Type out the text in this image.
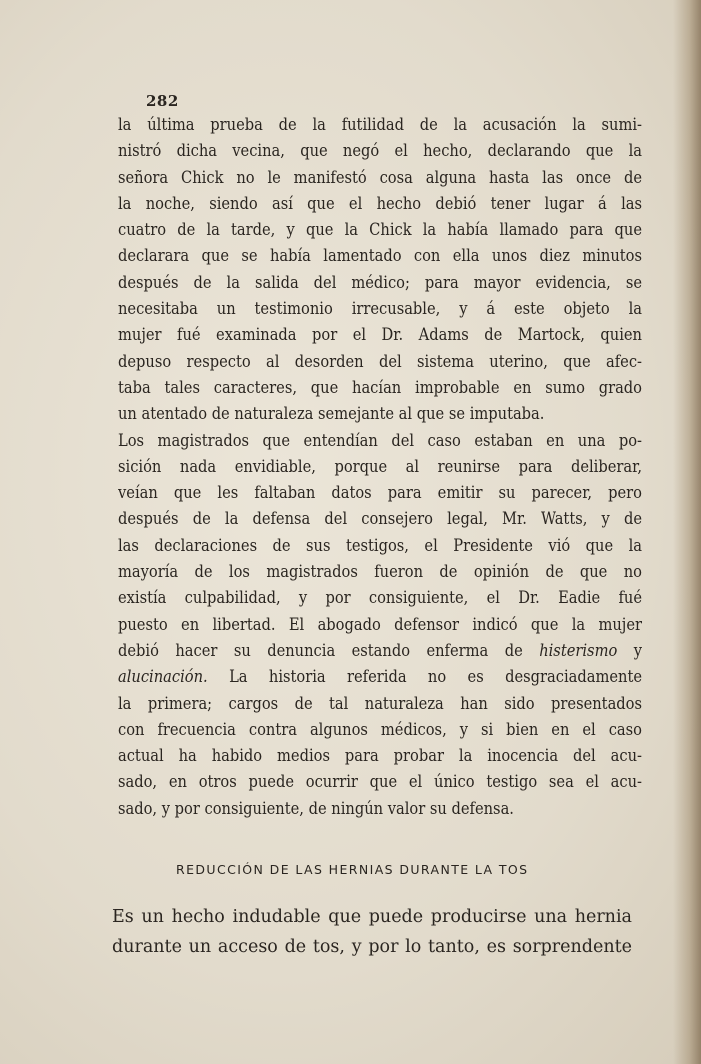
282
la última prueba de la futilidad de la acusación la sumi-
nistró dicha vecina, que negó el hecho, declarando que la
señora Chick no le manifestó cosa alguna hasta las once de
la noche, siendo así que el hecho debió tener lugar á las
cuatro de la tarde, y que la Chick la había llamado para que
declarara que se había lamentado con ella unos diez minutos
después de la salida del médico; para mayor evidencia, se
necesitaba un testimonio irrecusable, y á este objeto la
mujer fué examinada por el Dr. Adams de Martock, quien
depuso respecto al desorden del sistema uterino, que afec-
taba tales caracteres, que hacían improbable en sumo grado
un atentado de naturaleza semejante al que se imputaba.
Los magistrados que entendían del caso estaban en una po-
sición nada envidiable, porque al reunirse para deliberar,
veían que les faltaban datos para emitir su parecer, pero
después de la defensa del consejero legal, Mr. Watts, y de
las declaraciones de sus testigos, el Presidente vió que la
mayoría de los magistrados fueron de opinión de que no
existía culpabilidad, y por consiguiente, el Dr. Eadie fué
puesto en libertad. El abogado defensor indicó que la mujer
debió hacer su denuncia estando enferma de histerismo y
alucinación. La historia referida no es desgraciadamente
la primera; cargos de tal naturaleza han sido presentados
con frecuencia contra algunos médicos, y si bien en el caso
actual ha habido medios para probar la inocencia del acu-
sado, en otros puede ocurrir que el único testigo sea el acu-
sado, y por consiguiente, de ningún valor su defensa.
REDUCCIÓN DE LAS HERNIAS DURANTE LA TOS
Es un hecho indudable que puede producirse una hernia
durante un acceso de tos, y por lo tanto, es sorprendente
